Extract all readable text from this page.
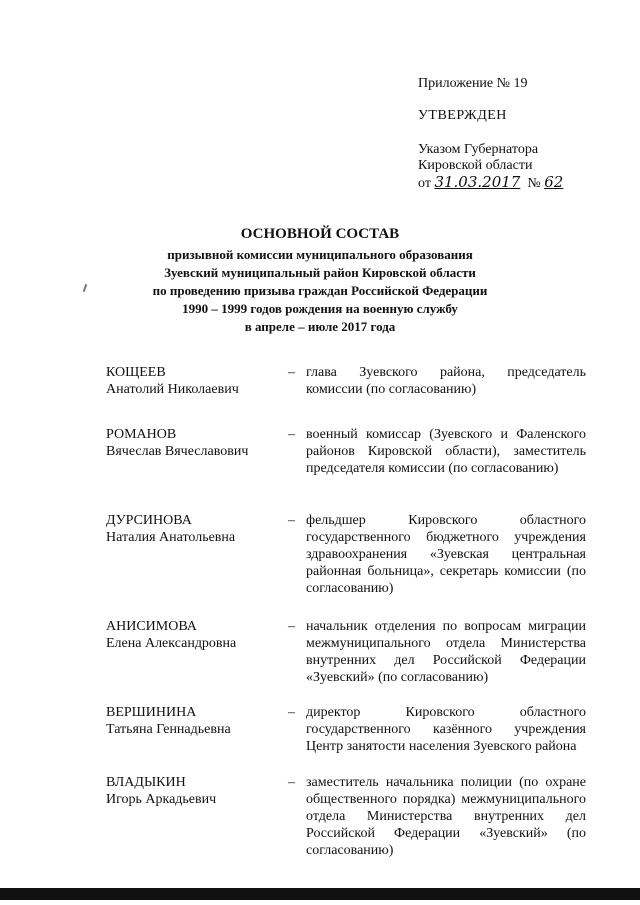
Приложение № 19
УТВЕРЖДЕН
Указом Губернатора
Кировской области
от 31.03.2017 № 62
ОСНОВНОЙ СОСТАВ
призывной комиссии муниципального образования
Зуевский муниципальный район Кировской области
по проведению призыва граждан Российской Федерации
1990 – 1999 годов рождения на военную службу
в апреле – июле 2017 года
КОЩЕЕВ
Анатолий Николаевич
– глава Зуевского района, председатель комиссии (по согласованию)
РОМАНОВ
Вячеслав Вячеславович
– военный комиссар (Зуевского и Фаленского районов Кировской области), заместитель председателя комиссии (по согласованию)
ДУРСИНОВА
Наталия Анатольевна
– фельдшер Кировского областного государственного бюджетного учреждения здравоохранения «Зуевская центральная районная больница», секретарь комиссии (по согласованию)
АНИСИМОВА
Елена Александровна
– начальник отделения по вопросам миграции межмуниципального отдела Министерства внутренних дел Российской Федерации «Зуевский» (по согласованию)
ВЕРШИНИНА
Татьяна Геннадьевна
– директор Кировского областного государственного казённого учреждения Центр занятости населения Зуевского района
ВЛАДЫКИН
Игорь Аркадьевич
– заместитель начальника полиции (по охране общественного порядка) межмуниципального отдела Министерства внутренних дел Российской Федерации «Зуевский» (по согласованию)
